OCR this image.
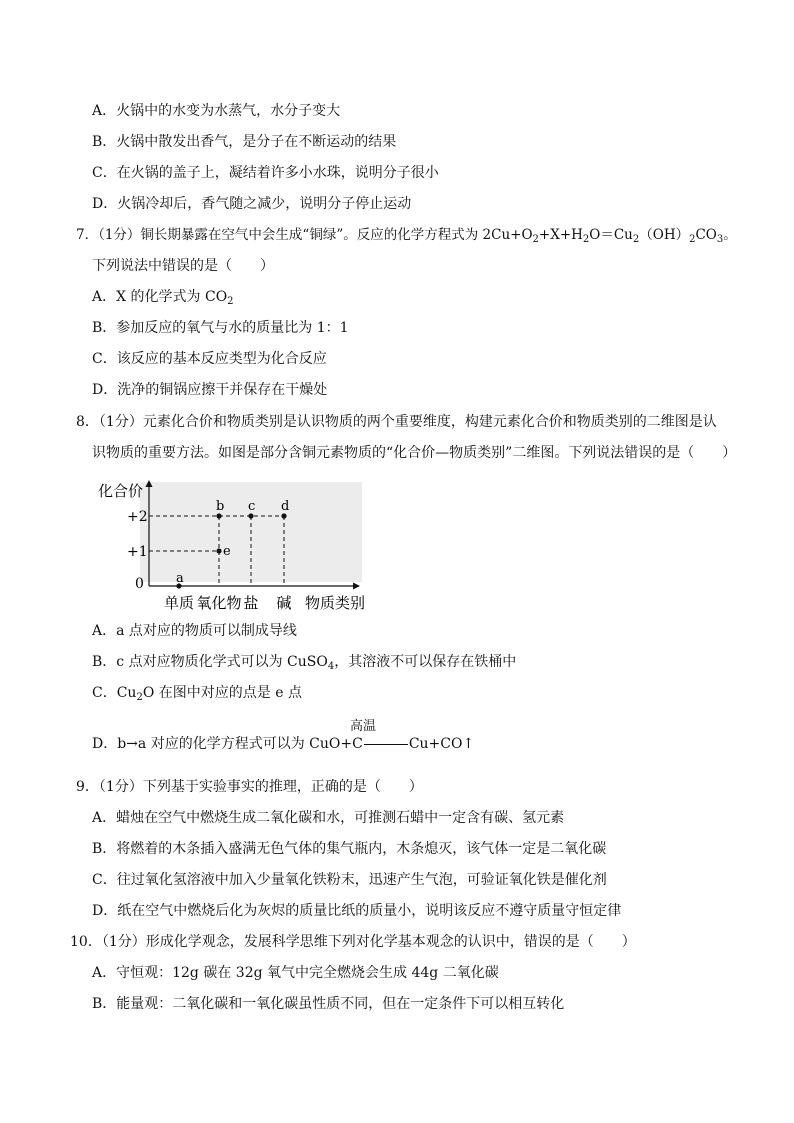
A．火锅中的水变为水蒸气，水分子变大
B．火锅中散发出香气，是分子在不断运动的结果
C．在火锅的盖子上，凝结着许多小水珠，说明分子很小
D．火锅冷却后，香气随之减少，说明分子停止运动
7．（1分）铜长期暴露在空气中会生成“铜绿”。反应的化学方程式为 $2Cu+O_2+X+H_2O=Cu_2(OH)_2CO_3$。
下列说法中错误的是（　　）
A．X 的化学式为 $CO_2$
B．参加反应的氧气与水的质量比为 1：1
C．该反应的基本反应类型为化合反应
D．洗净的铜锅应擦干并保存在干燥处
8．（1分）元素化合价和物质类别是认识物质的两个重要维度，构建元素化合价和物质类别的二维图是认
识物质的重要方法。如图是部分含铜元素物质的“化合价—物质类别”二维图。下列说法错误的是（　　）
化合价
0
+1
+2
单质 氧化物 盐 碱
a
b c d
e
物质类别
A．a 点对应的物质可以制成导线
B．c 点对应物质化学式可以为 CuSO$_4$，其溶液不可以保存在铁桶中
C．$Cu_2O$ 在图中对应的点是 e 点
高温
D．b→a 对应的化学方程式可以为 CuO+C	Cu+CO↑
9．（1分）下列基于实验事实的推理，正确的是（　　）
A．蜡烛在空气中燃烧生成二氧化碳和水，可推测石蜡中一定含有碳、氢元素
B．将燃着的木条插入盛满无色气体的集气瓶内，木条熄灭，该气体一定是二氧化碳
C．往过氧化氢溶液中加入少量氧化铁粉末，迅速产生气泡，可验证氧化铁是催化剂
D．纸在空气中燃烧后化为灰烬的质量比纸的质量小，说明该反应不遵守质量守恒定律
10．（1分）形成化学观念，发展科学思维下列对化学基本观念的认识中，错误的是（　　）
A．守恒观：12g 碳在 32g 氧气中完全燃烧会生成 44g 二氧化碳
B．能量观：二氧化碳和一氧化碳虽性质不同，但在一定条件下可以相互转化
